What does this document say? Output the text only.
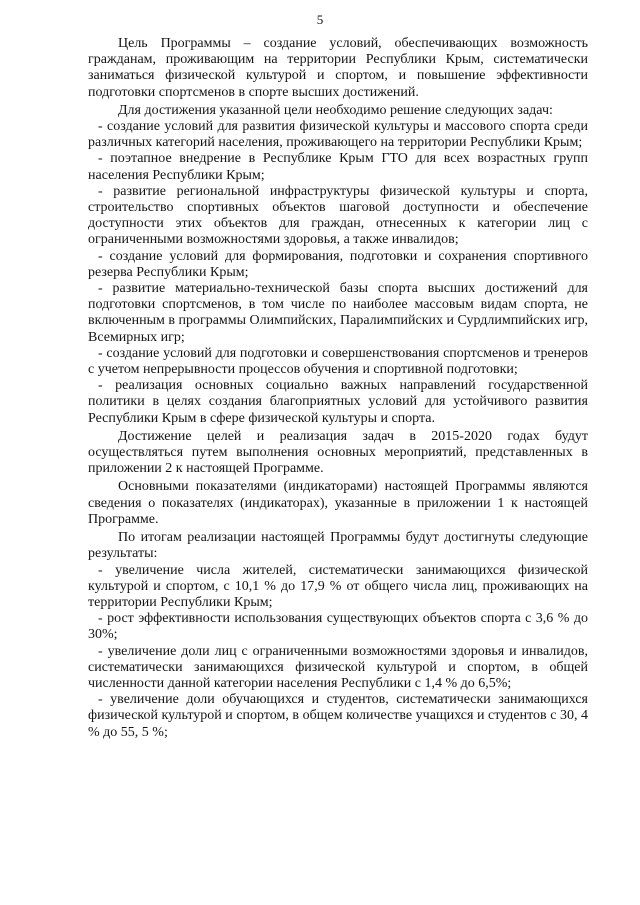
5

Цель Программы – создание условий, обеспечивающих возможность гражданам, проживающим на территории Республики Крым, систематически заниматься физической культурой и спортом, и повышение эффективности подготовки спортсменов в спорте высших достижений.

Для достижения указанной цели необходимо решение следующих задач:

- создание условий для развития физической культуры и массового спорта среди различных категорий населения, проживающего на территории Республики Крым;

- поэтапное внедрение в Республике Крым ГТО для всех возрастных групп населения Республики Крым;

- развитие региональной инфраструктуры физической культуры и спорта, строительство спортивных объектов шаговой доступности и обеспечение доступности этих объектов для граждан, отнесенных к категории лиц с ограниченными возможностями здоровья, а также инвалидов;

- создание условий для формирования, подготовки и сохранения спортивного резерва Республики Крым;

- развитие материально-технической базы спорта высших достижений для подготовки спортсменов, в том числе по наиболее массовым видам спорта, не включенным в программы Олимпийских, Паралимпийских и Сурдлимпийских игр, Всемирных игр;

- создание условий для подготовки и совершенствования спортсменов и тренеров с учетом непрерывности процессов обучения и спортивной подготовки;

- реализация основных социально важных направлений государственной политики в целях создания благоприятных условий для устойчивого развития Республики Крым в сфере физической культуры и спорта.

Достижение целей и реализация задач в 2015-2020 годах будут осуществляться путем выполнения основных мероприятий, представленных в приложении 2 к настоящей Программе.

Основными показателями (индикаторами) настоящей Программы являются сведения о показателях (индикаторах), указанные в приложении 1 к настоящей Программе.

По итогам реализации настоящей Программы будут достигнуты следующие результаты:

- увеличение числа жителей, систематически занимающихся физической культурой и спортом, с 10,1 % до 17,9 % от общего числа лиц, проживающих на территории Республики Крым;

- рост эффективности использования существующих объектов спорта с 3,6 % до 30%;

- увеличение доли лиц с ограниченными возможностями здоровья и инвалидов, систематически занимающихся физической культурой и спортом, в общей численности данной категории населения Республики с 1,4 % до 6,5%;

- увеличение доли обучающихся и студентов, систематически занимающихся физической культурой и спортом, в общем количестве учащихся и студентов с 30, 4 % до 55, 5 %;
